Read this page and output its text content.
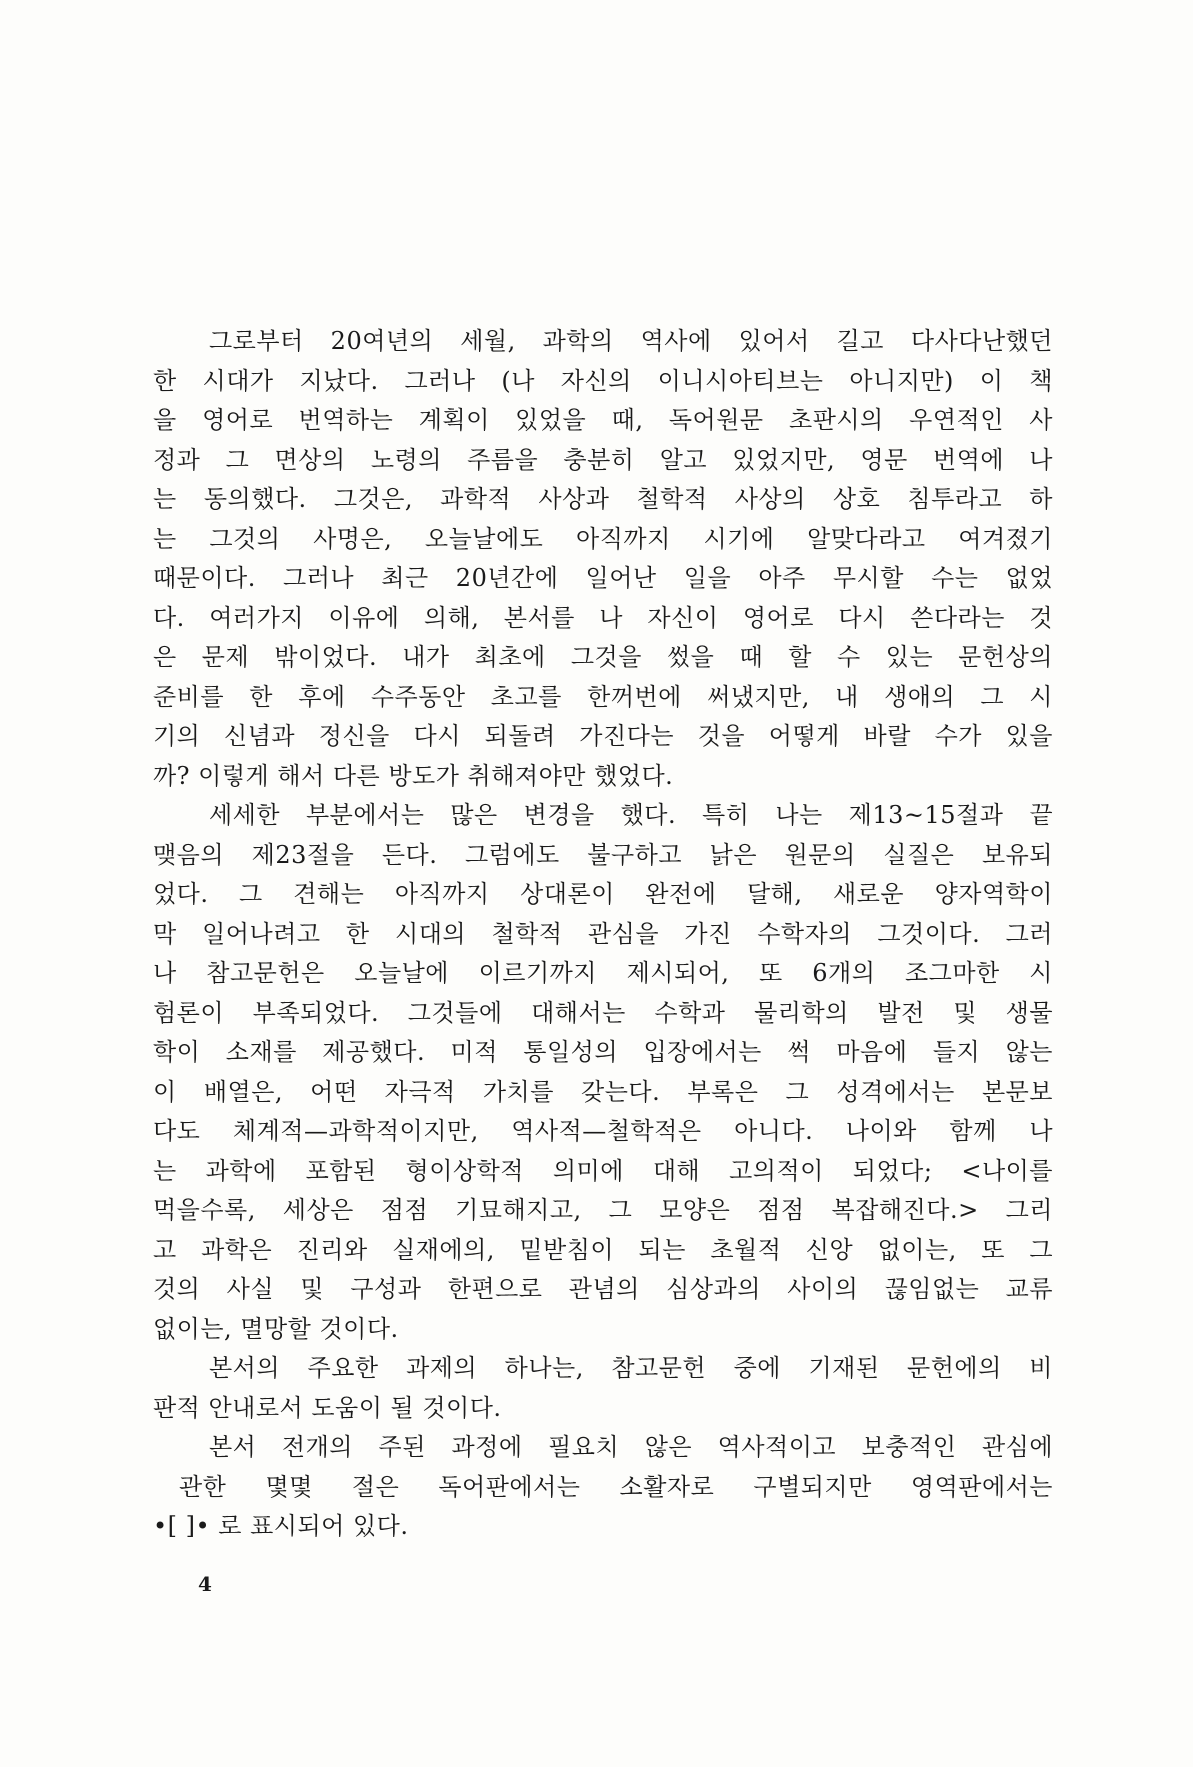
그로부터 20여년의 세월, 과학의 역사에 있어서 길고 다사다난했던
한 시대가 지났다. 그러나 (나 자신의 이니시아티브는 아니지만) 이 책
을 영어로 번역하는 계획이 있었을 때, 독어원문 초판시의 우연적인 사
정과 그 면상의 노령의 주름을 충분히 알고 있었지만, 영문 번역에 나
는 동의했다. 그것은, 과학적 사상과 철학적 사상의 상호 침투라고 하
는 그것의 사명은, 오늘날에도 아직까지 시기에 알맞다라고 여겨졌기
때문이다. 그러나 최근 20년간에 일어난 일을 아주 무시할 수는 없었
다. 여러가지 이유에 의해, 본서를 나 자신이 영어로 다시 쓴다라는 것
은 문제 밖이었다. 내가 최초에 그것을 썼을 때 할 수 있는 문헌상의
준비를 한 후에 수주동안 초고를 한꺼번에 써냈지만, 내 생애의 그 시
기의 신념과 정신을 다시 되돌려 가진다는 것을 어떻게 바랄 수가 있을
까? 이렇게 해서 다른 방도가 취해져야만 했었다.
세세한 부분에서는 많은 변경을 했다. 특히 나는 제13~15절과 끝
맺음의 제23절을 든다. 그럼에도 불구하고 낡은 원문의 실질은 보유되
었다. 그 견해는 아직까지 상대론이 완전에 달해, 새로운 양자역학이
막 일어나려고 한 시대의 철학적 관심을 가진 수학자의 그것이다. 그러
나 참고문헌은 오늘날에 이르기까지 제시되어, 또 6개의 조그마한 시
험론이 부족되었다. 그것들에 대해서는 수학과 물리학의 발전 및 생물
학이 소재를 제공했다. 미적 통일성의 입장에서는 썩 마음에 들지 않는
이 배열은, 어떤 자극적 가치를 갖는다. 부록은 그 성격에서는 본문보
다도 체계적—과학적이지만, 역사적—철학적은 아니다. 나이와 함께 나
는 과학에 포함된 형이상학적 의미에 대해 고의적이 되었다; <나이를
먹을수록, 세상은 점점 기묘해지고, 그 모양은 점점 복잡해진다.> 그리
고 과학은 진리와 실재에의, 밑받침이 되는 초월적 신앙 없이는, 또 그
것의 사실 및 구성과 한편으로 관념의 심상과의 사이의 끊임없는 교류
없이는, 멸망할 것이다.
본서의 주요한 과제의 하나는, 참고문헌 중에 기재된 문헌에의 비
판적 안내로서 도움이 될 것이다.
본서 전개의 주된 과정에 필요치 않은 역사적이고 보충적인 관심에
관한 몇몇 절은 독어판에서는 소활자로 구별되지만 영역판에서는
•[ ]• 로 표시되어 있다.
4
